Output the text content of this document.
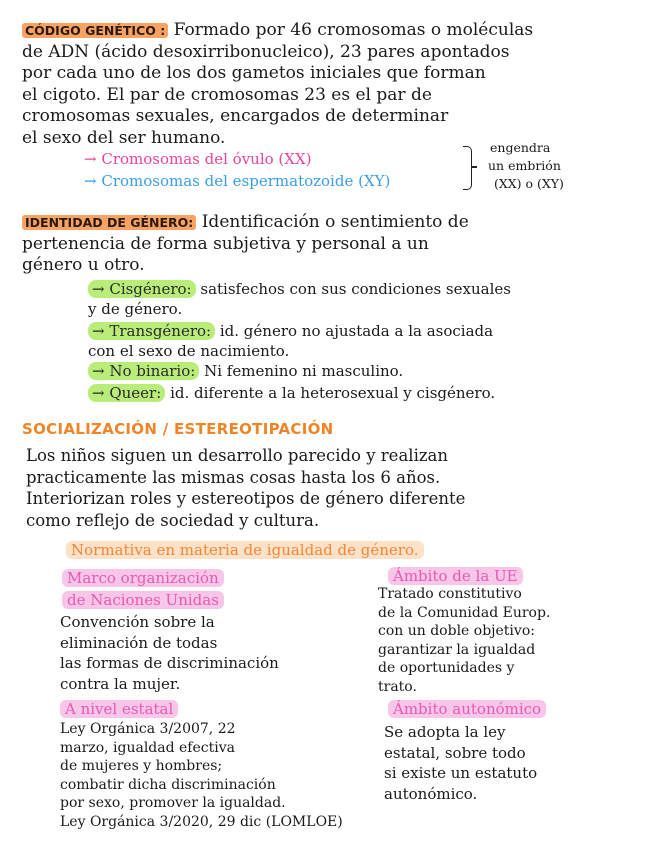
CÓDIGO GENÉTICO : Formado por 46 cromosomas o moléculas
de ADN (ácido desoxirribonucleico), 23 pares apontados
por cada uno de los dos gametos iniciales que forman
el cigoto. El par de cromosomas 23 es el par de
cromosomas sexuales, encargados de determinar
el sexo del ser humano.
→ Cromosomas del óvulo (XX)
→ Cromosomas del espermatozoide (XY)
engendra
un embrión
(XX) o (XY)
IDENTIDAD DE GÉNERO: Identificación o sentimiento de
pertenencia de forma subjetiva y personal a un
género u otro.
→ Cisgénero: satisfechos con sus condiciones sexuales
y de género.
→ Transgénero: id. género no ajustada a la asociada
con el sexo de nacimiento.
→ No binario: Ni femenino ni masculino.
→ Queer: id. diferente a la heterosexual y cisgénero.
SOCIALIZACIÓN / ESTEREOTIPACIÓN
Los niños siguen un desarrollo parecido y realizan
practicamente las mismas cosas hasta los 6 años.
Interiorizan roles y estereotipos de género diferente
como reflejo de sociedad y cultura.
Normativa en materia de igualdad de género.
Marco organización
de Naciones Unidas
Convención sobre la
eliminación de todas
las formas de discriminación
contra la mujer.
Ámbito de la UE
Tratado constitutivo
de la Comunidad Europ.
con un doble objetivo:
garantizar la igualdad
de oportunidades y
trato.
A nivel estatal
Ley Orgánica 3/2007, 22
marzo, igualdad efectiva
de mujeres y hombres;
combatir dicha discriminación
por sexo, promover la igualdad.
Ley Orgánica 3/2020, 29 dic (LOMLOE)
Ámbito autonómico
Se adopta la ley
estatal, sobre todo
si existe un estatuto
autonómico.
